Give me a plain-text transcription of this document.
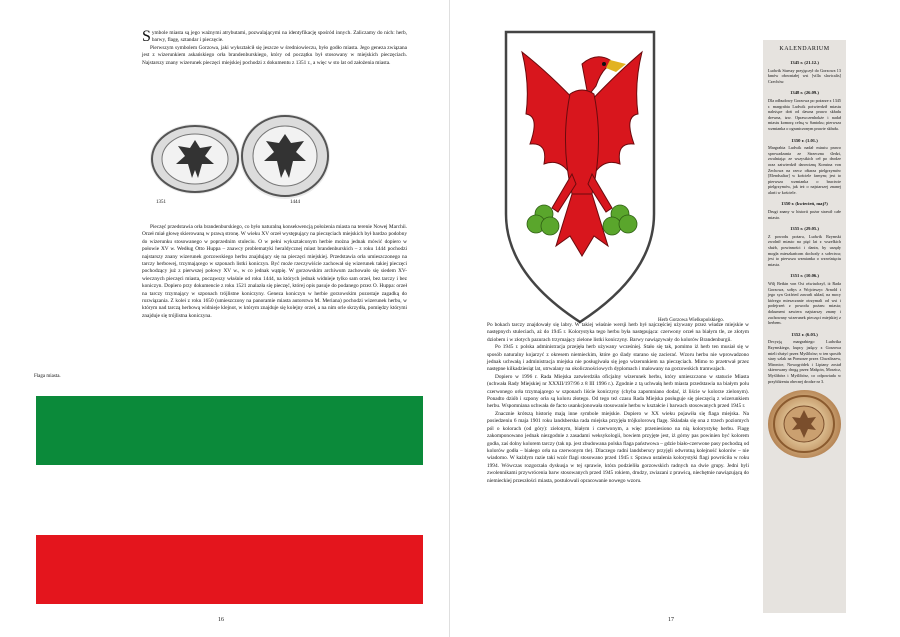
Symbole miasta są jego ważnymi atrybutami, pozwalającymi na identyfikację spośród innych. Zaliczamy do nich: herb, barwy, flagę, sztandar i pieczęcie.

Pierwszym symbolem Gorzowa, jaki wykształcił się jeszcze w średniowieczu, było godło miasta. Jego geneza związana jest z wizerunkiem askańskiego orła brandenburskiego, który od początku był stosowany w miejskich pieczęciach. Najstarszy znany wizerunek pieczęci miejskiej pochodzi z dokumentu z 1351 r., a więc w sto lat od założenia miasta.

1351	1444

Pieczęć przedstawia orła brandenburskiego, co było naturalną konsekwencją położenia miasta na terenie Nowej Marchii. Orzeł miał głowę skierowaną w prawą stronę. W wieku XV orzeł występujący na pieczęciach miejskich był bardzo podobny do wizerunku stosowanego w poprzednim stuleciu. O w pełni wykształconym herbie można jednak mówić dopiero w połowie XV w. Według Otto Huppa – znawcy problematyki heraldycznej miast brandenburskich – z roku 1444 pochodzi najstarszy znany wizerunek gorzowskiego herbu znajdujący się na pieczęci miejskiej. Przedstawia orła umieszczonego na tarczy herbowej, trzymającego w szponach listki koniczyn. Być może rzeczywiście zachował się wizerunek takiej pieczęci pochodzący już z pierwszej połowy XV w., w co jednak wątpię. W gorzowskim archiwum zachowało się siedem XV-wiecznych pieczęci miasta, począwszy właśnie od roku 1444, na których jednak widnieje tylko sam orzeł, bez tarczy i bez koniczyn. Dopiero przy dokumencie z roku 1521 znalazła się pieczęć, której opis pasuje do podanego przez O. Huppa: orzeł na tarczy trzymający w szponach trójlistne koniczyny. Geneza koniczyn w herbie gorzowskim pozostaje zagadką do rozwiązania. Z kolei z roku 1650 (umieszczony na panoramie miasta autorstwa M. Meriana) pochodzi wizerunek herbu, w którym nad tarczą herbową widnieje klejnot, w którym znajduje się kolejny orzeł, a na nim orle skrzydła, pomiędzy którymi znajduje się trójlistna koniczyna.

Flaga miasta.
16	17
Herb Gorzowa Wielkopolskiego.

Po bokach tarczy znajdowały się labry. W takiej właśnie wersji herb był najczęściej używany przez władze miejskie w następnych stuleciach, aż do 1945 r. Kolorystyka tego herbu była następująca: czerwony orzeł na białym tle, ze złotym dziobem i w złotych pazurach trzymający zielone listki koniczyny. Barwy nawiązywały do kolorów Brandenburgii.

Po 1945 r. polska administracja przejęła herb używany wcześniej. Stało się tak, pomimo iż herb ten musiał się w sposób naturalny kojarzyć z okresem niemieckim, które go ślady starano się zacierać. Wzoru herbu nie wprowadzono jednak uchwałą i administracja miejska nie posługiwała się jego wizerunkiem na pieczęciach. Mimo to przetrwał przez następne kilkadziesiąt lat, utrwalany na okolicznościowych dyplomach i malowany na gorzowskich tramwajach.

Dopiero w 1996 r. Rada Miejska zatwierdziła oficjalny wizerunek herbu, który umieszczono w statucie Miasta (uchwała Rady Miejskiej nr XXXII/197/96 z 8 III 1996 r.). Zgodnie z tą uchwałą herb miasta przedstawia na białym polu czerwonego orła trzymającego w szponach liście koniczyny (chyba zapomniano dodać, iż liście w kolorze zielonym). Ponadto dziób i szpony orła są koloru złotego. Od tego też czasu Rada Miejska posługuje się pieczęcią z wizerunkiem herbu. Wspomniana uchwała de facto usankcjonowała stosowanie herbu w kształcie i barwach stosowanych przed 1945 r.

Znacznie krótszą historię mają inne symbole miejskie. Dopiero w XX wieku pojawiła się flaga miejska. Na posiedzeniu 6 maja 1901 roku landsberska rada miejska przyjęła trójkolorową flagę. Składała się ona z trzech poziomych pól o kolorach (od góry): zielonym, białym i czerwonym, a więc przeniesiono na nią kolorystykę herbu. Flagę zakomponowano jednak niezgodnie z zasadami weksykologii, bowiem przyjęte jest, iż górny pas powinien być kolorem godła, zaś dolny kolorem tarczy (tak np. jest zbudowana polska flaga państwowa – gdzie biało-czerwone pasy pochodzą od kolorów godła – białego orła na czerwonym tle). Dlaczego radni landsberscy przyjęli odwrotną kolejność kolorów – nie wiadomo. W każdym razie taki wzór flagi stosowano przed 1945 r. Sprawa ustalenia kolorystyki flagi powróciła w roku 1994. Wówczas rozgorzała dyskusja w tej sprawie, która podzieliła gorzowskich radnych na dwie grupy. Jedni byli zwolennikami przywrócenia barw stosowanych przed 1945 rokiem, drudzy, zwiazani z prawicą, niechętnie nawiązującą do niemieckiej przeszłości miasta, postulowali opracowanie nowego wzoru.

KALENDARIUM
1345 r. (21.12.)
Ludwik Starszy przyjęczył do Gorzowa 13 łanów ołowniałej wsi [villa slavicalis] Czechów.
1348 r. (26.09.)
Dla odbudowy Gorzowa po pożarze z 1345 r. margrabia Ludwik potwierdził miastu należące doń od dawna prawo składu drewna, tzw. Oprawczenhokże i nadał miastu komorę celną w Santoku; pierwsza wzmianka o ograniczonym prawie składu.
1350 r. (1.01.)
Margrabia Ludwik nadał miastu prawo sprowadzania ze Strzeczna śledzi, zwalniając ze wszystkich ceł po drodze oraz zatwierdził darowiznę Konstna von Zechowa na rzecz ołtarza pielgrzymów [Elendsaltar] w kościele farnym; jest to pierwsza wzmianka o bractwie pielgrzymów, jak też o najstarszej znanej alarii w kościele.
1350 r. (kwiecień, maj?)
Drugi znany w historii pożar strawił całe miasto.
1355 r. (29.05.)
Z powodu pożaru, Ludwik Rzymski zwolnił miasto na pięć lat z wszelkich służb, powinności i danin, by urzędy mogła mieszkańcom dochody z sołectwa; jest to pierwsza wzmianka o wzrośnięciu miasta.
1351 r. (10.06.)
Wilj Betkin von Ost oświadczył, iż Rada Gorzowa, sołtys z Wojcieszyc Arnold i jego syn Gotfried zawarli układ, na mocy którego mieszczanie otrzymali od wsi i podejrzeń z powodu pożaru miasta; dokument zawiera najstarszy znany i zachowany wizerunek pieczęci miejskiej z herbem.
1352 r. (6.03.)
Decyzją margrabiego Ludwika Rzymskiego, kupcy jadący z Gorzowa mieli służyć przez Myślibórz; w ten sposób stary szlak na Pomorze przez Chwaliszew, Mironice, Nowogródek i Lipiany został skierowany drogą przez Małęcin, Morzicz, Myślibórz i Myślibórz, co odpowiada w przybliżeniu obecnej drodze nr 3.
